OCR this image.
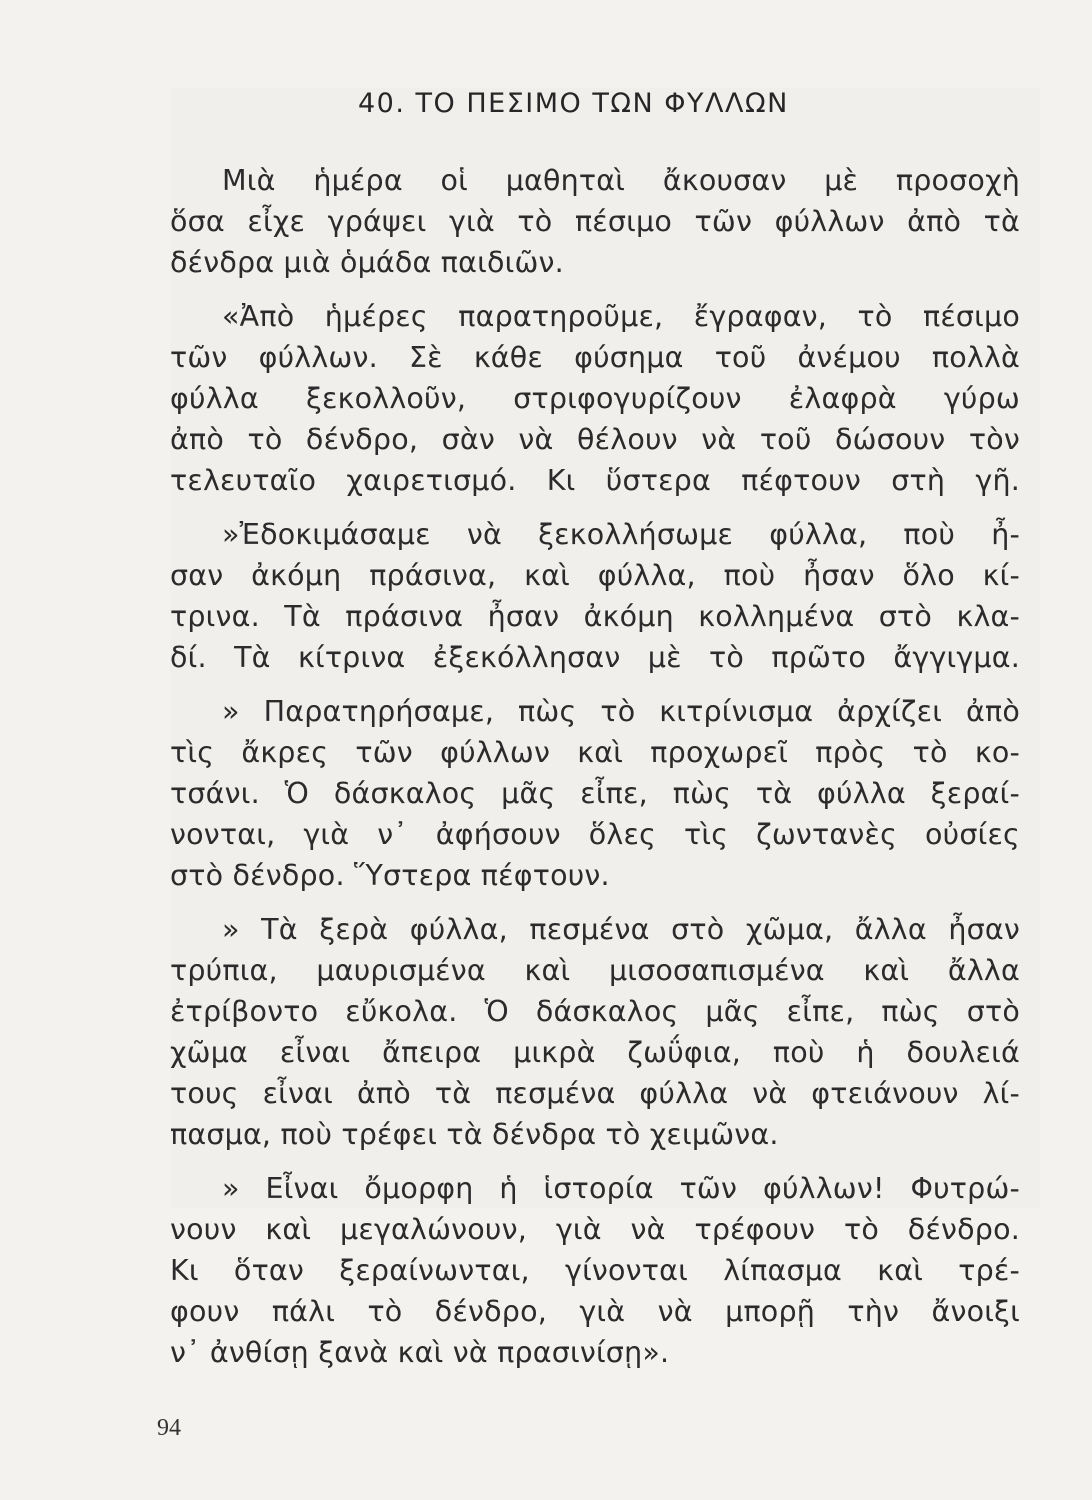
40. ΤΟ ΠΕΣΙΜΟ ΤΩΝ ΦΥΛΛΩΝ
Μιὰ ἡμέρα οἱ μαθηταὶ ἄκουσαν μὲ προσοχὴ
ὅσα εἶχε γράψει γιὰ τὸ πέσιμο τῶν φύλλων ἀπὸ τὰ
δένδρα μιὰ ὁμάδα παιδιῶν.
«Ἀπὸ ἡμέρες παρατηροῦμε, ἔγραφαν, τὸ πέσιμο
τῶν φύλλων. Σὲ κάθε φύσημα τοῦ ἀνέμου πολλὰ
φύλλα ξεκολλοῦν, στριφογυρίζουν ἐλαφρὰ γύρω
ἀπὸ τὸ δένδρο, σὰν νὰ θέλουν νὰ τοῦ δώσουν τὸν
τελευταῖο χαιρετισμό. Κι ὕστερα πέφτουν στὴ γῆ.
»Ἐδοκιμάσαμε νὰ ξεκολλήσωμε φύλλα, ποὺ ἦ-
σαν ἀκόμη πράσινα, καὶ φύλλα, ποὺ ἦσαν ὅλο κί-
τρινα. Τὰ πράσινα ἦσαν ἀκόμη κολλημένα στὸ κλα-
δί. Τὰ κίτρινα ἐξεκόλλησαν μὲ τὸ πρῶτο ἄγγιγμα.
» Παρατηρήσαμε, πὼς τὸ κιτρίνισμα ἀρχίζει ἀπὸ
τὶς ἄκρες τῶν φύλλων καὶ προχωρεῖ πρὸς τὸ κο-
τσάνι. Ὁ δάσκαλος μᾶς εἶπε, πὼς τὰ φύλλα ξεραί-
νονται, γιὰ ν᾿ ἀφήσουν ὅλες τὶς ζωντανὲς οὐσίες
στὸ δένδρο. Ὕστερα πέφτουν.
» Τὰ ξερὰ φύλλα, πεσμένα στὸ χῶμα, ἄλλα ἦσαν
τρύπια, μαυρισμένα καὶ μισοσαπισμένα καὶ ἄλλα
ἐτρίβοντο εὔκολα. Ὁ δάσκαλος μᾶς εἶπε, πὼς στὸ
χῶμα εἶναι ἄπειρα μικρὰ ζωΰφια, ποὺ ἡ δουλειά
τους εἶναι ἀπὸ τὰ πεσμένα φύλλα νὰ φτειάνουν λί-
πασμα, ποὺ τρέφει τὰ δένδρα τὸ χειμῶνα.
» Εἶναι ὄμορφη ἡ ἱστορία τῶν φύλλων! Φυτρώ-
νουν καὶ μεγαλώνουν, γιὰ νὰ τρέφουν τὸ δένδρο.
Κι ὅταν ξεραίνωνται, γίνονται λίπασμα καὶ τρέ-
φουν πάλι τὸ δένδρο, γιὰ νὰ μπορῇ τὴν ἄνοιξι
ν᾿ ἀνθίσῃ ξανὰ καὶ νὰ πρασινίσῃ».
94
